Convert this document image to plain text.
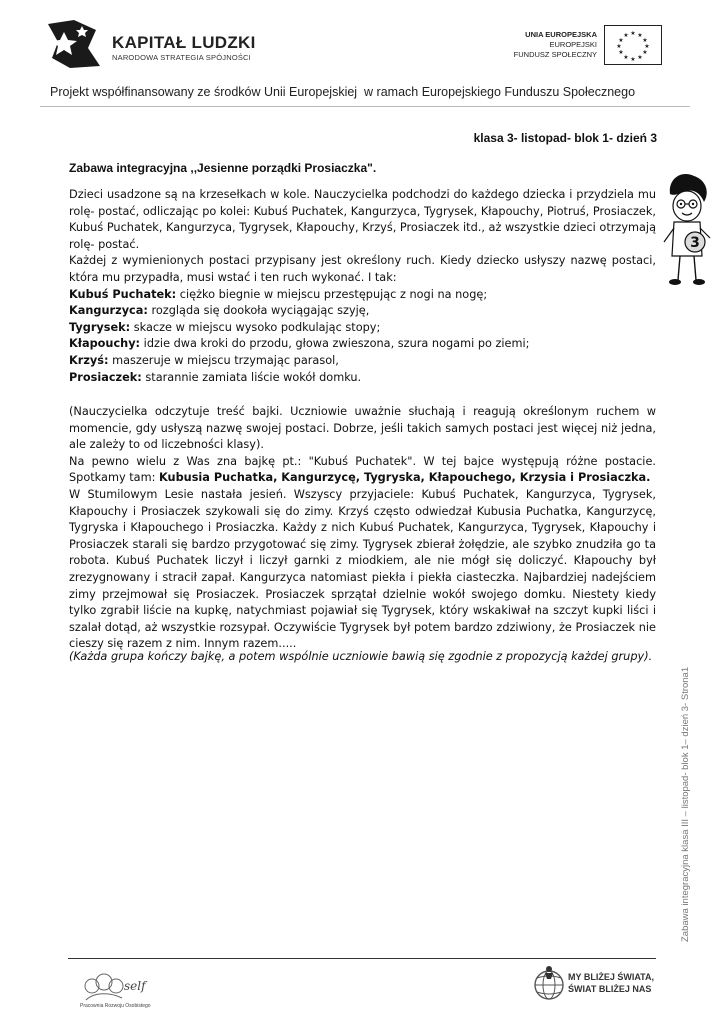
KAPITAŁ LUDZKI
NARODOWA STRATEGIA SPÓJNOŚCI
UNIA EUROPEJSKA
EUROPEJSKI
FUNDUSZ SPOŁECZNY
★ ★
★
★
★
★
★
★
★
★
★
★
Projekt współfinansowany ze środków Unii Europejskiej w ramach Europejskiego Funduszu Społecznego
klasa 3- listopad- blok 1- dzień 3
Zabawa integracyjna ,,Jesienne porządki Prosiaczka".

Dzieci usadzone są na krzesełkach w kole. Nauczycielka podchodzi do każdego dziecka i przydziela mu rolę- postać, odliczając po kolei: Kubuś Puchatek, Kangurzyca, Tygrysek, Kłapouchy, Piotruś, Prosiaczek, Kubuś Puchatek, Kangurzyca, Tygrysek, Kłapouchy, Krzyś, Prosiaczek itd., aż wszystkie dzieci otrzymają rolę- postać.

Każdej z wymienionych postaci przypisany jest określony ruch. Kiedy dziecko usłyszy nazwę postaci, która mu przypadła, musi wstać i ten ruch wykonać. I tak:

Kubuś Puchatek: ciężko biegnie w miejscu przestępując z nogi na nogę;

Kangurzyca: rozgląda się dookoła wyciągając szyję,

Tygrysek: skacze w miejscu wysoko podkulając stopy;

Kłapouchy: idzie dwa kroki do przodu, głowa zwieszona, szura nogami po ziemi;

Krzyś: maszeruje w miejscu trzymając parasol,

Prosiaczek: starannie zamiata liście wokół domku.

(Nauczycielka odczytuje treść bajki. Uczniowie uważnie słuchają i reagują określonym ruchem w momencie, gdy usłyszą nazwę swojej postaci. Dobrze, jeśli takich samych postaci jest więcej niż jedna, ale zależy to od liczebności klasy).

Na pewno wielu z Was zna bajkę pt.: "Kubuś Puchatek". W tej bajce występują różne postacie. Spotkamy tam: Kubusia Puchatka, Kangurzycę, Tygryska, Kłapouchego, Krzysia i Prosiaczka.

W Stumilowym Lesie nastała jesień. Wszyscy przyjaciele: Kubuś Puchatek, Kangurzyca, Tygrysek, Kłapouchy i Prosiaczek szykowali się do zimy. Krzyś często odwiedzał Kubusia Puchatka, Kangurzycę, Tygryska i Kłapouchego i Prosiaczka. Każdy z nich Kubuś Puchatek, Kangurzyca, Tygrysek, Kłapouchy i Prosiaczek starali się bardzo przygotować się zimy. Tygrysek zbierał żołędzie, ale szybko znudziła go ta robota. Kubuś Puchatek liczył i liczył garnki z miodkiem, ale nie mógł się doliczyć. Kłapouchy był zrezygnowany i stracił zapał. Kangurzyca natomiast piekła i piekła ciasteczka. Najbardziej nadejściem zimy przejmował się Prosiaczek. Prosiaczek sprzątał dzielnie wokół swojego domku. Niestety kiedy tylko zgrabił liście na kupkę, natychmiast pojawiał się Tygrysek, który wskakiwał na szczyt kupki liści i szalał dotąd, aż wszystkie rozsypał. Oczywiście Tygrysek był potem bardzo zdziwiony, że Prosiaczek nie cieszy się razem z nim. Innym razem.....

(Każda grupa kończy bajkę, a potem wspólnie uczniowie bawią się zgodnie z propozycją każdej grupy).

3
Zabawa integracyjna klasa III – listopad- blok 1– dzień 3- Strona1
self
Pracownia Rozwoju Osobistego
MY BLIŻEJ ŚWIATA,
ŚWIAT BLIŻEJ NAS
